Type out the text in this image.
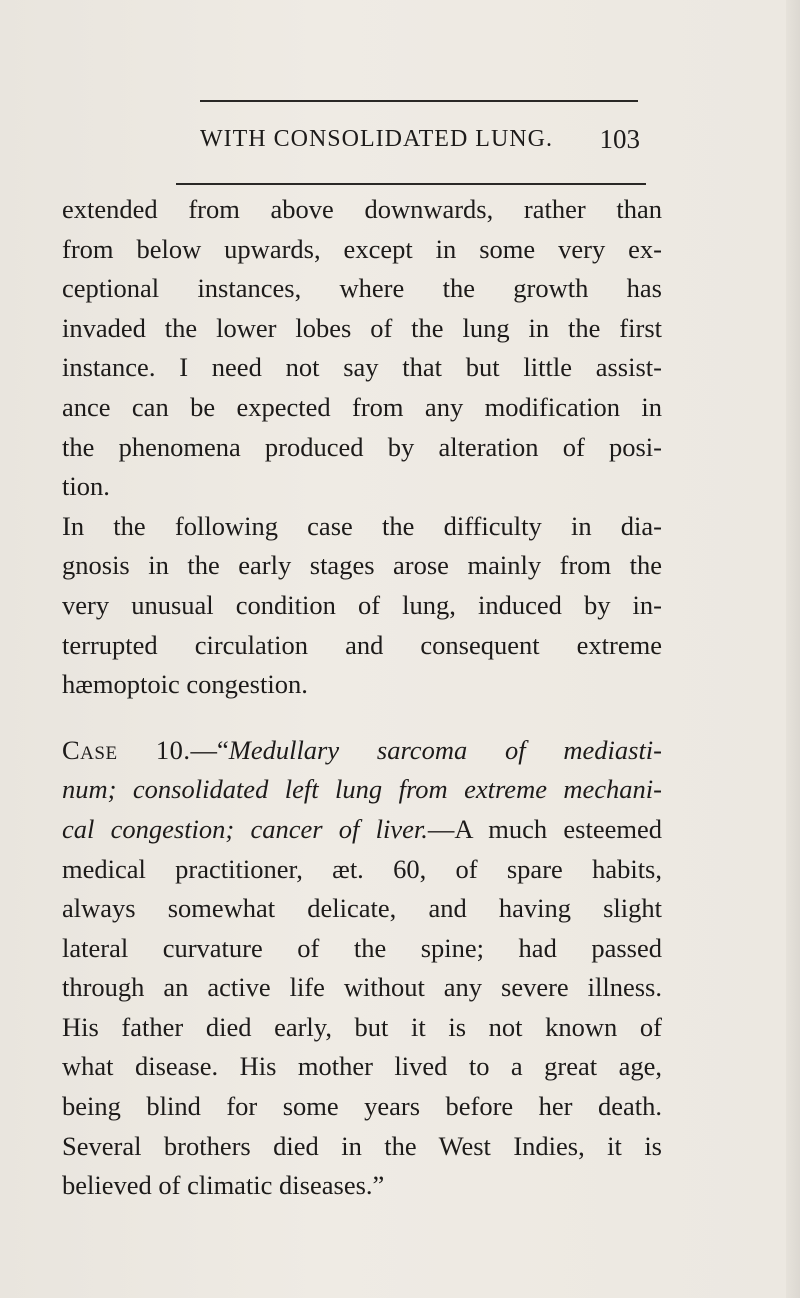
WITH CONSOLIDATED LUNG. 103
extended from above downwards, rather than
from below upwards, except in some very ex-
ceptional instances, where the growth has
invaded the lower lobes of the lung in the first
instance. I need not say that but little assist-
ance can be expected from any modification in
the phenomena produced by alteration of posi-
tion.
In the following case the difficulty in dia-
gnosis in the early stages arose mainly from the
very unusual condition of lung, induced by in-
terrupted circulation and consequent extreme
hæmoptoic congestion.
Case 10.—“Medullary sarcoma of mediasti-
num; consolidated left lung from extreme mechani-
cal congestion; cancer of liver.—A much esteemed
medical practitioner, æt. 60, of spare habits,
always somewhat delicate, and having slight
lateral curvature of the spine; had passed
through an active life without any severe illness.
His father died early, but it is not known of
what disease. His mother lived to a great age,
being blind for some years before her death.
Several brothers died in the West Indies, it is
believed of climatic diseases.”
